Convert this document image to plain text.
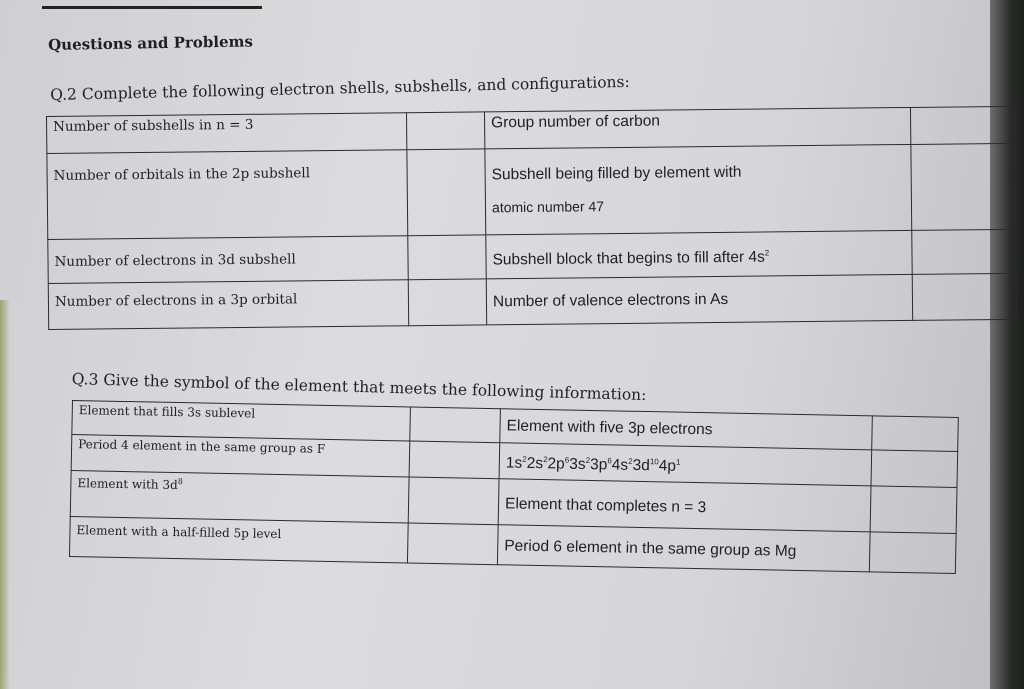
Questions and Problems
Q.2 Complete the following electron shells, subshells, and configurations:
Number of subshells in n = 3		Group number of carbon	
Number of orbitals in the 2p subshell		Subshell being filled by element with
atomic number 47	

Number of electrons in 3d subshell		Subshell block that begins to fill after $4s^2$	
Number of electrons in a 3p orbital		Number of valence electrons in As	
Q.3 Give the symbol of the element that meets the following information:
Element that fills 3s sublevel		Element with five 3p electrons	
Period 4 element in the same group as F		$1s^22s^22p^63s^23p^64s^23d^{10}4p^1$	
Element with $3d^8$		Element that completes n = 3	
Element with a half-filled 5p level		Period 6 element in the same group as Mg	
